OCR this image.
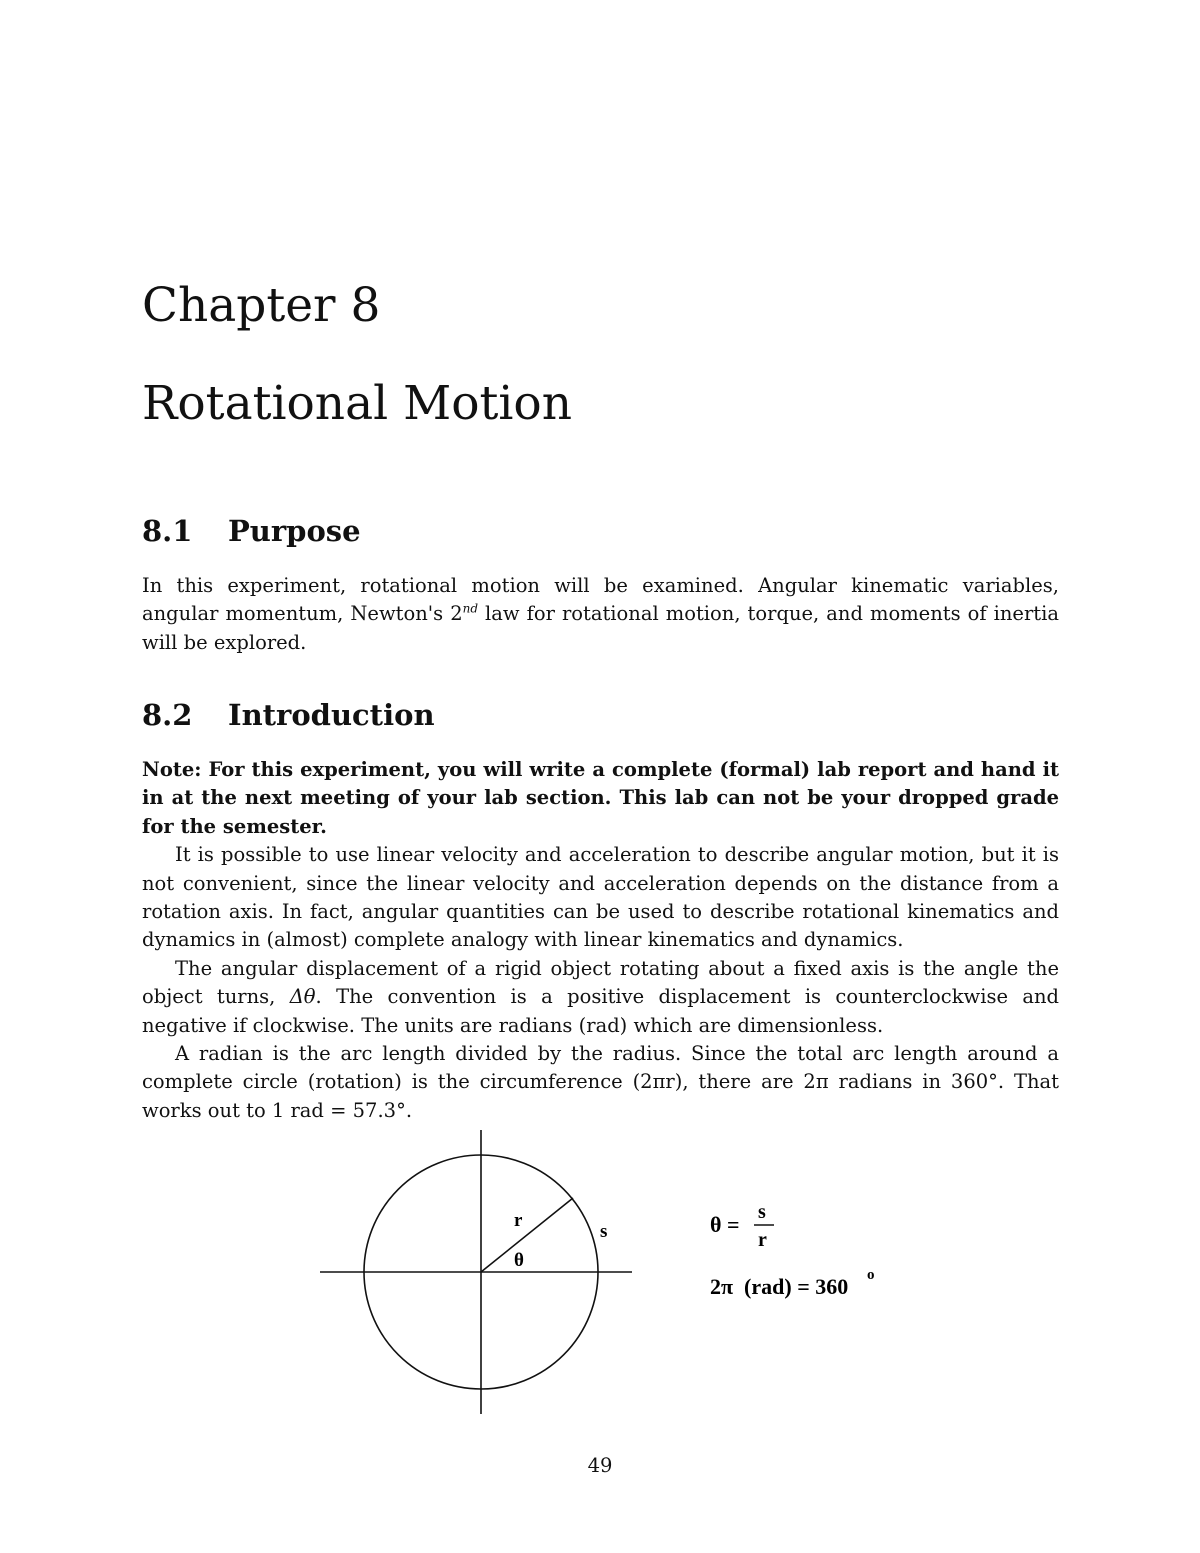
Chapter 8
Rotational Motion
8.1 Purpose
In this experiment, rotational motion will be examined. Angular kinematic variables, angular momentum, Newton's 2nd law for rotational motion, torque, and moments of inertia will be explored.
8.2 Introduction
Note: For this experiment, you will write a complete (formal) lab report and hand it in at the next meeting of your lab section. This lab can not be your dropped grade for the semester.
It is possible to use linear velocity and acceleration to describe angular motion, but it is not convenient, since the linear velocity and acceleration depends on the distance from a rotation axis. In fact, angular quantities can be used to describe rotational kinematics and dynamics in (almost) complete analogy with linear kinematics and dynamics.
The angular displacement of a rigid object rotating about a fixed axis is the angle the object turns, Δθ. The convention is a positive displacement is counterclockwise and negative if clockwise. The units are radians (rad) which are dimensionless.
A radian is the arc length divided by the radius. Since the total arc length around a complete circle (rotation) is the circumference (2πr), there are 2π radians in 360°. That works out to 1 rad = 57.3°.
r
s
θ
θ = s
r
2π  (rad) = 360 o
49
